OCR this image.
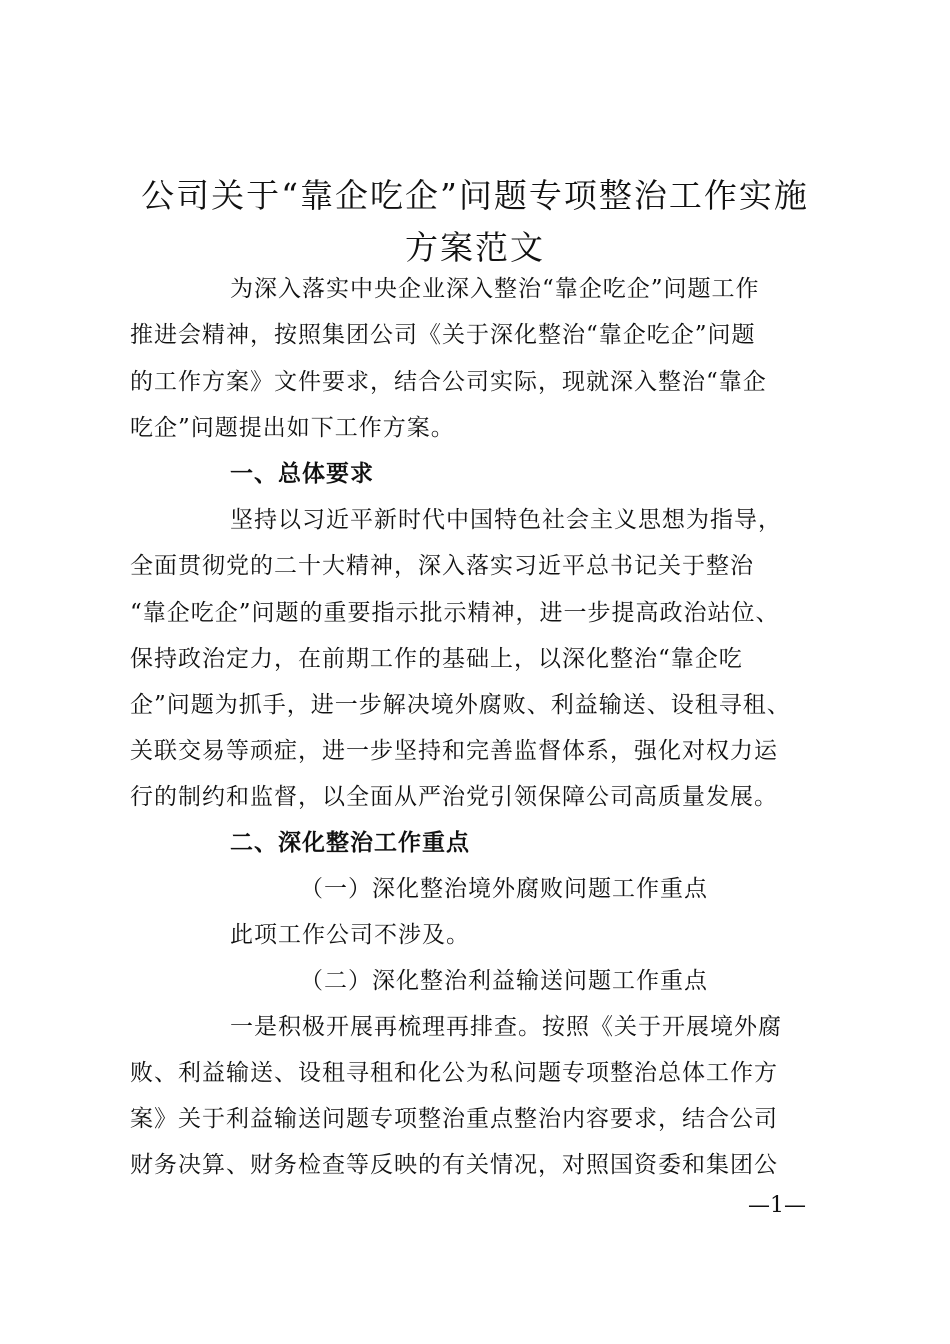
公司关于“靠企吃企”问题专项整治工作实施
方案范文
为深入落实中央企业深入整治“靠企吃企”问题工作
推进会精神，按照集团公司《关于深化整治“靠企吃企”问题
的工作方案》文件要求，结合公司实际，现就深入整治“靠企
吃企”问题提出如下工作方案。
一、总体要求
坚持以习近平新时代中国特色社会主义思想为指导，
全面贯彻党的二十大精神，深入落实习近平总书记关于整治
“靠企吃企”问题的重要指示批示精神，进一步提高政治站位、
保持政治定力，在前期工作的基础上，以深化整治“靠企吃
企”问题为抓手，进一步解决境外腐败、利益输送、设租寻租、
关联交易等顽症，进一步坚持和完善监督体系，强化对权力运
行的制约和监督，以全面从严治党引领保障公司高质量发展。
二、深化整治工作重点
（一）深化整治境外腐败问题工作重点
此项工作公司不涉及。
（二）深化整治利益输送问题工作重点
一是积极开展再梳理再排查。按照《关于开展境外腐
败、利益输送、设租寻租和化公为私问题专项整治总体工作方
案》关于利益输送问题专项整治重点整治内容要求，结合公司
财务决算、财务检查等反映的有关情况，对照国资委和集团公
—1—
